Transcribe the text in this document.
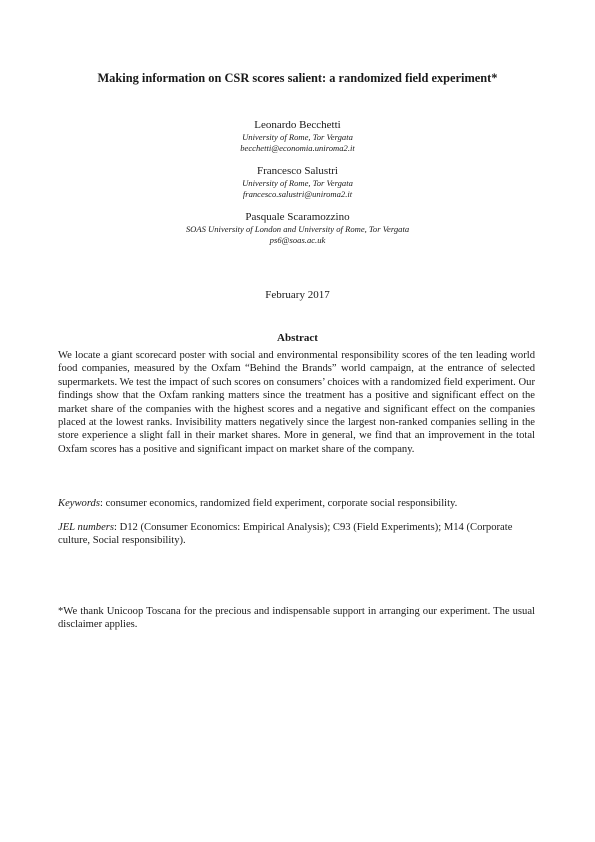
Making information on CSR scores salient: a randomized field experiment*
Leonardo Becchetti
University of Rome, Tor Vergata
becchetti@economia.uniroma2.it
Francesco Salustri
University of Rome, Tor Vergata
francesco.salustri@uniroma2.it
Pasquale Scaramozzino
SOAS University of London and University of Rome, Tor Vergata
ps6@soas.ac.uk
February 2017
Abstract

We locate a giant scorecard poster with social and environmental responsibility scores of the ten leading world food companies, measured by the Oxfam “Behind the Brands” world campaign, at the entrance of selected supermarkets. We test the impact of such scores on consumers’ choices with a randomized field experiment. Our findings show that the Oxfam ranking matters since the treatment has a positive and significant effect on the market share of the companies with the highest scores and a negative and significant effect on the companies placed at the lowest ranks. Invisibility matters negatively since the largest non-ranked companies selling in the store experience a slight fall in their market shares. More in general, we find that an improvement in the total Oxfam scores has a positive and significant impact on market share of the company.

Keywords: consumer economics, randomized field experiment, corporate social responsibility.
JEL numbers: D12 (Consumer Economics: Empirical Analysis); C93 (Field Experiments); M14 (Corporate culture, Social responsibility).
*We thank Unicoop Toscana for the precious and indispensable support in arranging our experiment. The usual disclaimer applies.
